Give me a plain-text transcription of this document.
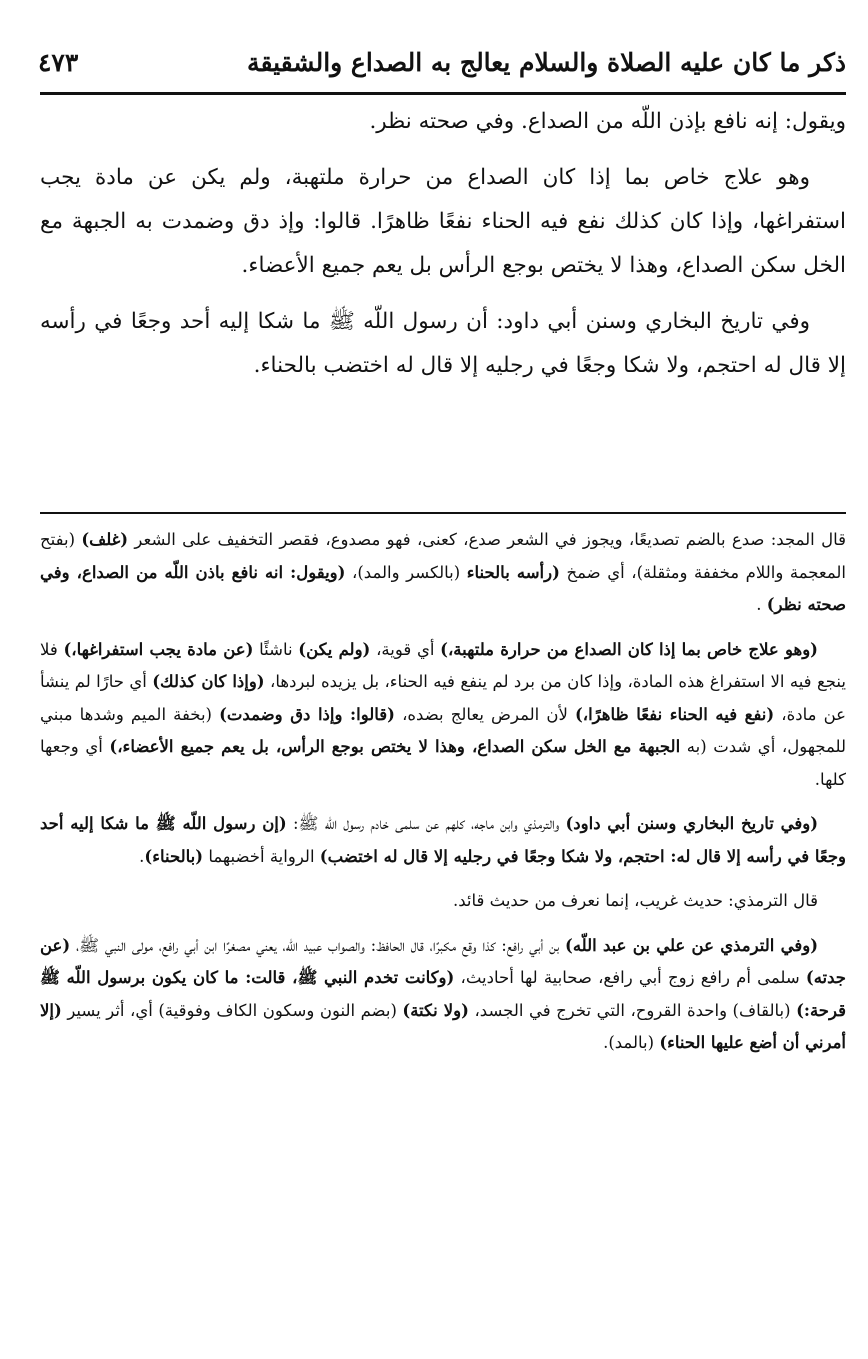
ذكر ما كان عليه الصلاة والسلام يعالج به الصداع والشقيقة
٤٧٣

ويقول: إنه نافع بإذن اللّه من الصداع. وفي صحته نظر.

وهو علاج خاص بما إذا كان الصداع من حرارة ملتهبة، ولم يكن عن مادة يجب استفراغها، وإذا كان كذلك نفع فيه الحناء نفعًا ظاهرًا. قالوا: وإذ دق وضمدت به الجبهة مع الخل سكن الصداع، وهذا لا يختص بوجع الرأس بل يعم جميع الأعضاء.

وفي تاريخ البخاري وسنن أبي داود: أن رسول اللّه ﷺ ما شكا إليه أحد وجعًا في رأسه إلا قال له احتجم، ولا شكا وجعًا في رجليه إلا قال له اختضب بالحناء.

قال المجد: صدع بالضم تصديعًا، ويجوز في الشعر صدع، كعنى، فهو مصدوع، فقصر التخفيف على الشعر (غلف) (بفتح المعجمة واللام مخففة ومثقلة)، أي ضمخ (رأسه بالحناء (بالكسر والمد)، (ويقول: انه نافع باذن اللّه من الصداع، وفي صحته نظر) .

(وهو علاج خاص بما إذا كان الصداع من حرارة ملتهبة،) أي قوية، (ولم يكن) ناشئًا (عن مادة يجب استفراغها،) فلا ينجع فيه الا استفراغ هذه المادة، وإذا كان من برد لم ينفع فيه الحناء، بل يزيده لبردها، (وإذا كان كذلك) أي حارًا لم ينشأ عن مادة، (نفع فيه الحناء نفعًا ظاهرًا،) لأن المرض يعالج بضده، (قالوا: وإذا دق وضمدت) (بخفة الميم وشدها مبني للمجهول، أي شدت (به الجبهة مع الخل سكن الصداع، وهذا لا يختص بوجع الرأس، بل يعم جميع الأعضاء،) أي وجعها كلها.

(وفي تاريخ البخاري وسنن أبي داود) والترمذي وابن ماجه، كلهم عن سلمى خادم رسول اللّه ﷺ: (إن رسول اللّه ﷺ ما شكا إليه أحد وجعًا في رأسه إلا قال له: احتجم، ولا شكا وجعًا في رجليه إلا قال له اختضب) الرواية أخضبهما (بالحناء).

قال الترمذي: حديث غريب، إنما نعرف من حديث قائد.

(وفي الترمذي عن علي بن عبد اللّه) بن أبي رافع: كذا وقع مكبرًا، قال الحافظ: والصواب عبيد اللّه، يعني مصغرًا ابن أبي رافع، مولى النبي ﷺ، (عن جدته) سلمى أم رافع زوج أبي رافع، صحابية لها أحاديث، (وكانت تخدم النبي ﷺ، قالت: ما كان يكون برسول اللّه ﷺ قرحة:) (بالقاف) واحدة القروح، التي تخرج في الجسد، (ولا نكتة) (بضم النون وسكون الكاف وفوقية) أي، أثر يسير (إلا أمرني أن أضع عليها الحناء) (بالمد).
